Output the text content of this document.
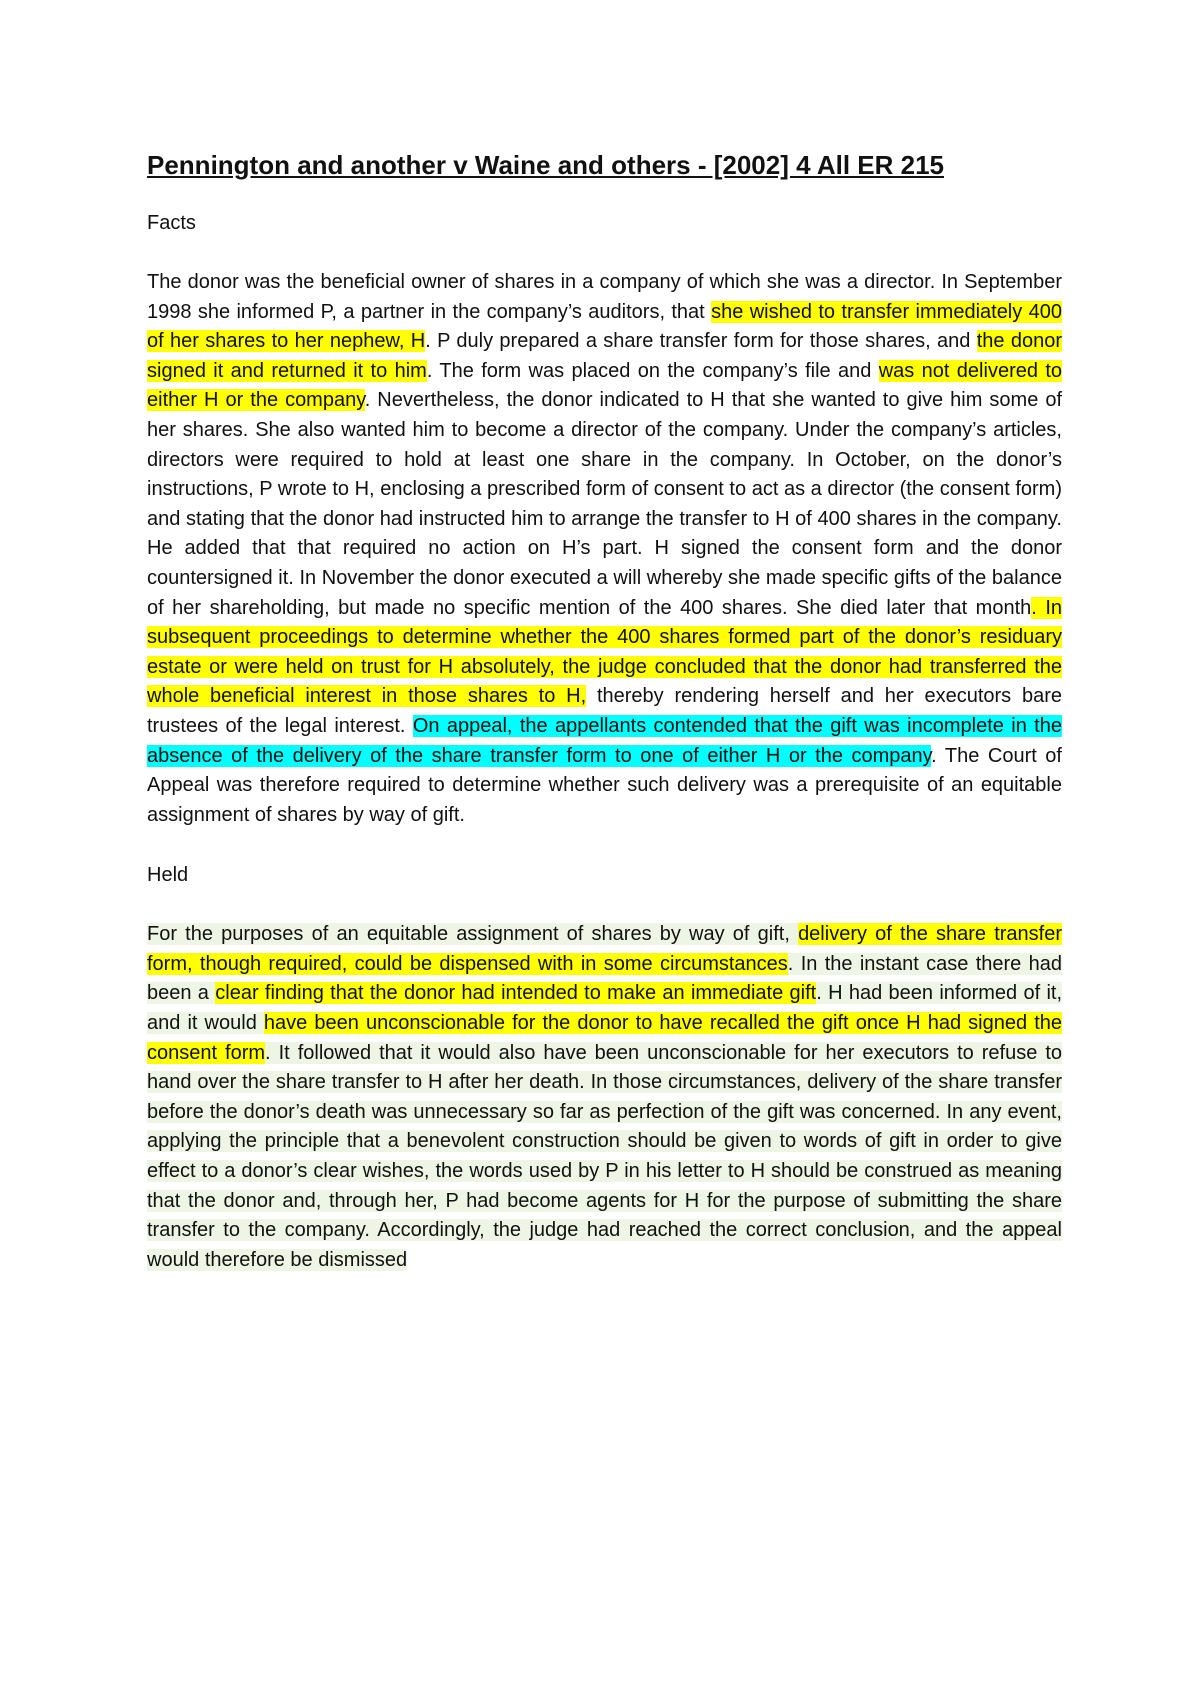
Pennington and another v Waine and others - [2002] 4 All ER 215
Facts

The donor was the beneficial owner of shares in a company of which she was a director. In September 1998 she informed P, a partner in the company’s auditors, that she wished to transfer immediately 400 of her shares to her nephew, H. P duly prepared a share transfer form for those shares, and the donor signed it and returned it to him. The form was placed on the company’s file and was not delivered to either H or the company. Nevertheless, the donor indicated to H that she wanted to give him some of her shares. She also wanted him to become a director of the company. Under the company’s articles, directors were required to hold at least one share in the company. In October, on the donor’s instructions, P wrote to H, enclosing a prescribed form of consent to act as a director (the consent form) and stating that the donor had instructed him to arrange the transfer to H of 400 shares in the company. He added that that required no action on H’s part. H signed the consent form and the donor countersigned it. In November the donor executed a will whereby she made specific gifts of the balance of her shareholding, but made no specific mention of the 400 shares. She died later that month. In subsequent proceedings to determine whether the 400 shares formed part of the donor’s residuary estate or were held on trust for H absolutely, the judge concluded that the donor had transferred the whole beneficial interest in those shares to H, thereby rendering herself and her executors bare trustees of the legal interest. On appeal, the appellants contended that the gift was incomplete in the absence of the delivery of the share transfer form to one of either H or the company. The Court of Appeal was therefore required to determine whether such delivery was a prerequisite of an equitable assignment of shares by way of gift.

Held

For the purposes of an equitable assignment of shares by way of gift, delivery of the share transfer form, though required, could be dispensed with in some circumstances. In the instant case there had been a clear finding that the donor had intended to make an immediate gift. H had been informed of it, and it would have been unconscionable for the donor to have recalled the gift once H had signed the consent form. It followed that it would also have been unconscionable for her executors to refuse to hand over the share transfer to H after her death. In those circumstances, delivery of the share transfer before the donor’s death was unnecessary so far as perfection of the gift was concerned. In any event, applying the principle that a benevolent construction should be given to words of gift in order to give effect to a donor’s clear wishes, the words used by P in his letter to H should be construed as meaning that the donor and, through her, P had become agents for H for the purpose of submitting the share transfer to the company. Accordingly, the judge had reached the correct conclusion, and the appeal would therefore be dismissed
